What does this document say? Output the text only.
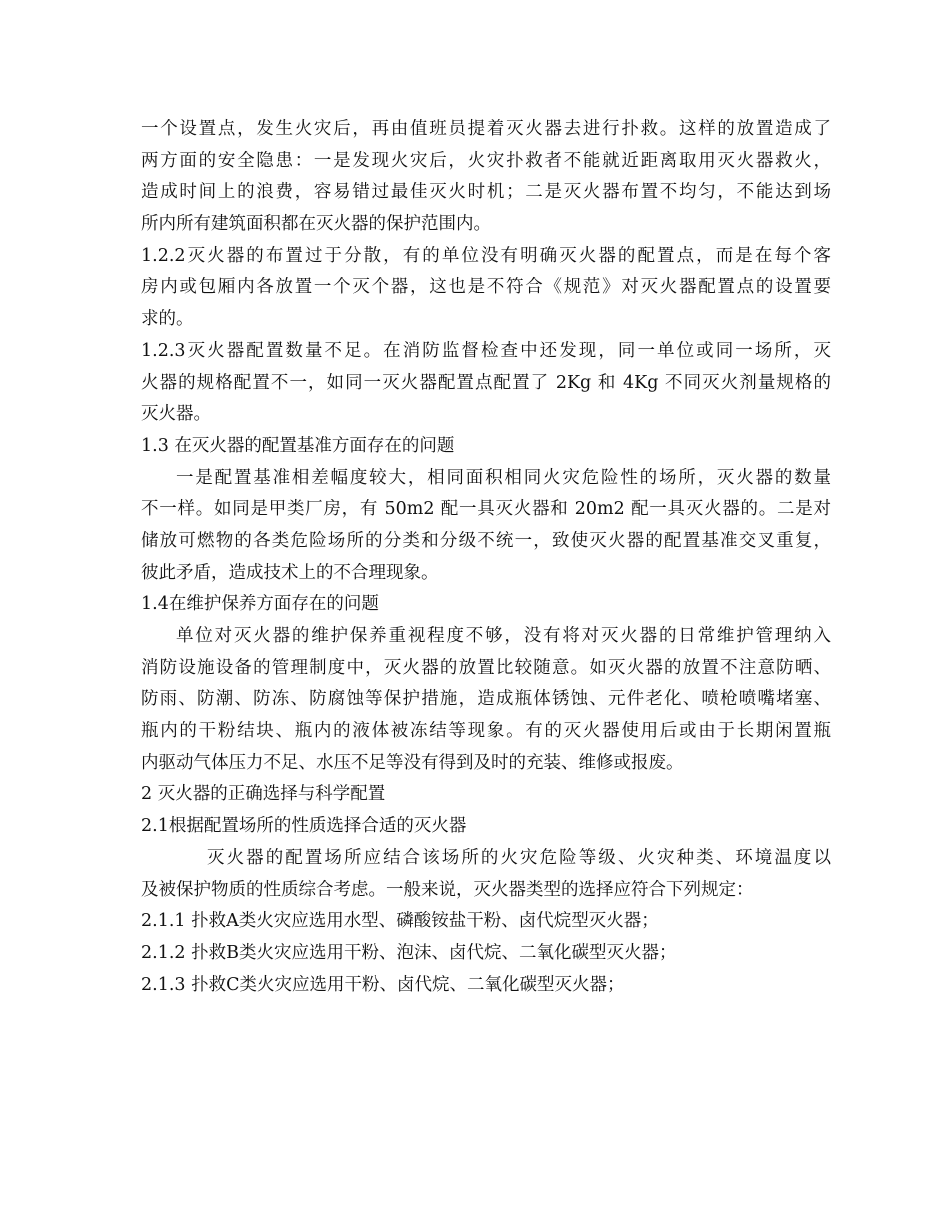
一个设置点，发生火灾后，再由值班员提着灭火器去进行扑救。这样的放置造成了
两方面的安全隐患：一是发现火灾后，火灾扑救者不能就近距离取用灭火器救火，
造成时间上的浪费，容易错过最佳灭火时机；二是灭火器布置不均匀，不能达到场
所内所有建筑面积都在灭火器的保护范围内。
1.2.2灭火器的布置过于分散，有的单位没有明确灭火器的配置点，而是在每个客
房内或包厢内各放置一个灭个器，这也是不符合《规范》对灭火器配置点的设置要
求的。
1.2.3灭火器配置数量不足。在消防监督检查中还发现，同一单位或同一场所，灭
火器的规格配置不一，如同一灭火器配置点配置了 2Kg 和 4Kg 不同灭火剂量规格的
灭火器。
1.3 在灭火器的配置基准方面存在的问题
一是配置基准相差幅度较大，相同面积相同火灾危险性的场所，灭火器的数量
不一样。如同是甲类厂房，有 50m2 配一具灭火器和 20m2 配一具灭火器的。二是对
储放可燃物的各类危险场所的分类和分级不统一，致使灭火器的配置基准交叉重复，
彼此矛盾，造成技术上的不合理现象。
1.4在维护保养方面存在的问题
单位对灭火器的维护保养重视程度不够，没有将对灭火器的日常维护管理纳入
消防设施设备的管理制度中，灭火器的放置比较随意。如灭火器的放置不注意防晒、
防雨、防潮、防冻、防腐蚀等保护措施，造成瓶体锈蚀、元件老化、喷枪喷嘴堵塞、
瓶内的干粉结块、瓶内的液体被冻结等现象。有的灭火器使用后或由于长期闲置瓶
内驱动气体压力不足、水压不足等没有得到及时的充装、维修或报废。
2 灭火器的正确选择与科学配置
2.1根据配置场所的性质选择合适的灭火器
灭火器的配置场所应结合该场所的火灾危险等级、火灾种类、环境温度以
及被保护物质的性质综合考虑。一般来说，灭火器类型的选择应符合下列规定：
2.1.1 扑救A类火灾应选用水型、磷酸铵盐干粉、卤代烷型灭火器；
2.1.2 扑救B类火灾应选用干粉、泡沫、卤代烷、二氧化碳型灭火器；
2.1.3 扑救C类火灾应选用干粉、卤代烷、二氧化碳型灭火器；
